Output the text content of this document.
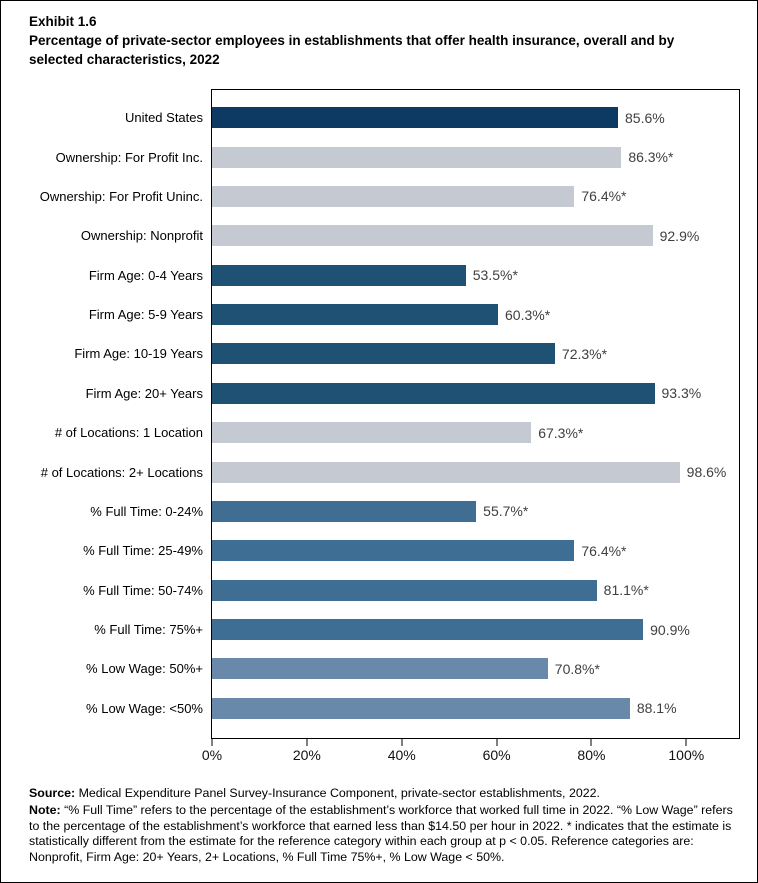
Exhibit 1.6
Percentage of private-sector employees in establishments that offer health insurance, overall and by selected characteristics, 2022
United States	85.6%
Ownership: For Profit Inc.	86.3%*
Ownership: For Profit Uninc.	76.4%*
Ownership: Nonprofit	92.9%
Firm Age: 0-4 Years	53.5%*
Firm Age: 5-9 Years	60.3%*
Firm Age: 10-19 Years	72.3%*
Firm Age: 20+ Years	93.3%
# of Locations: 1 Location	67.3%*
# of Locations: 2+ Locations	98.6%
% Full Time: 0-24%	55.7%*
% Full Time: 25-49%	76.4%*
% Full Time: 50-74%	81.1%*
% Full Time: 75%+	90.9%
% Low Wage: 50%+	70.8%*
% Low Wage: <50%	88.1%
0%	20%	40%	60%	80%	100%
Source: Medical Expenditure Panel Survey-Insurance Component, private-sector establishments, 2022.
Note: “% Full Time” refers to the percentage of the establishment’s workforce that worked full time in 2022. “% Low Wage” refers to the percentage of the establishment’s workforce that earned less than $14.50 per hour in 2022. * indicates that the estimate is statistically different from the estimate for the reference category within each group at p < 0.05. Reference categories are: Nonprofit, Firm Age: 20+ Years, 2+ Locations, % Full Time 75%+, % Low Wage < 50%.
